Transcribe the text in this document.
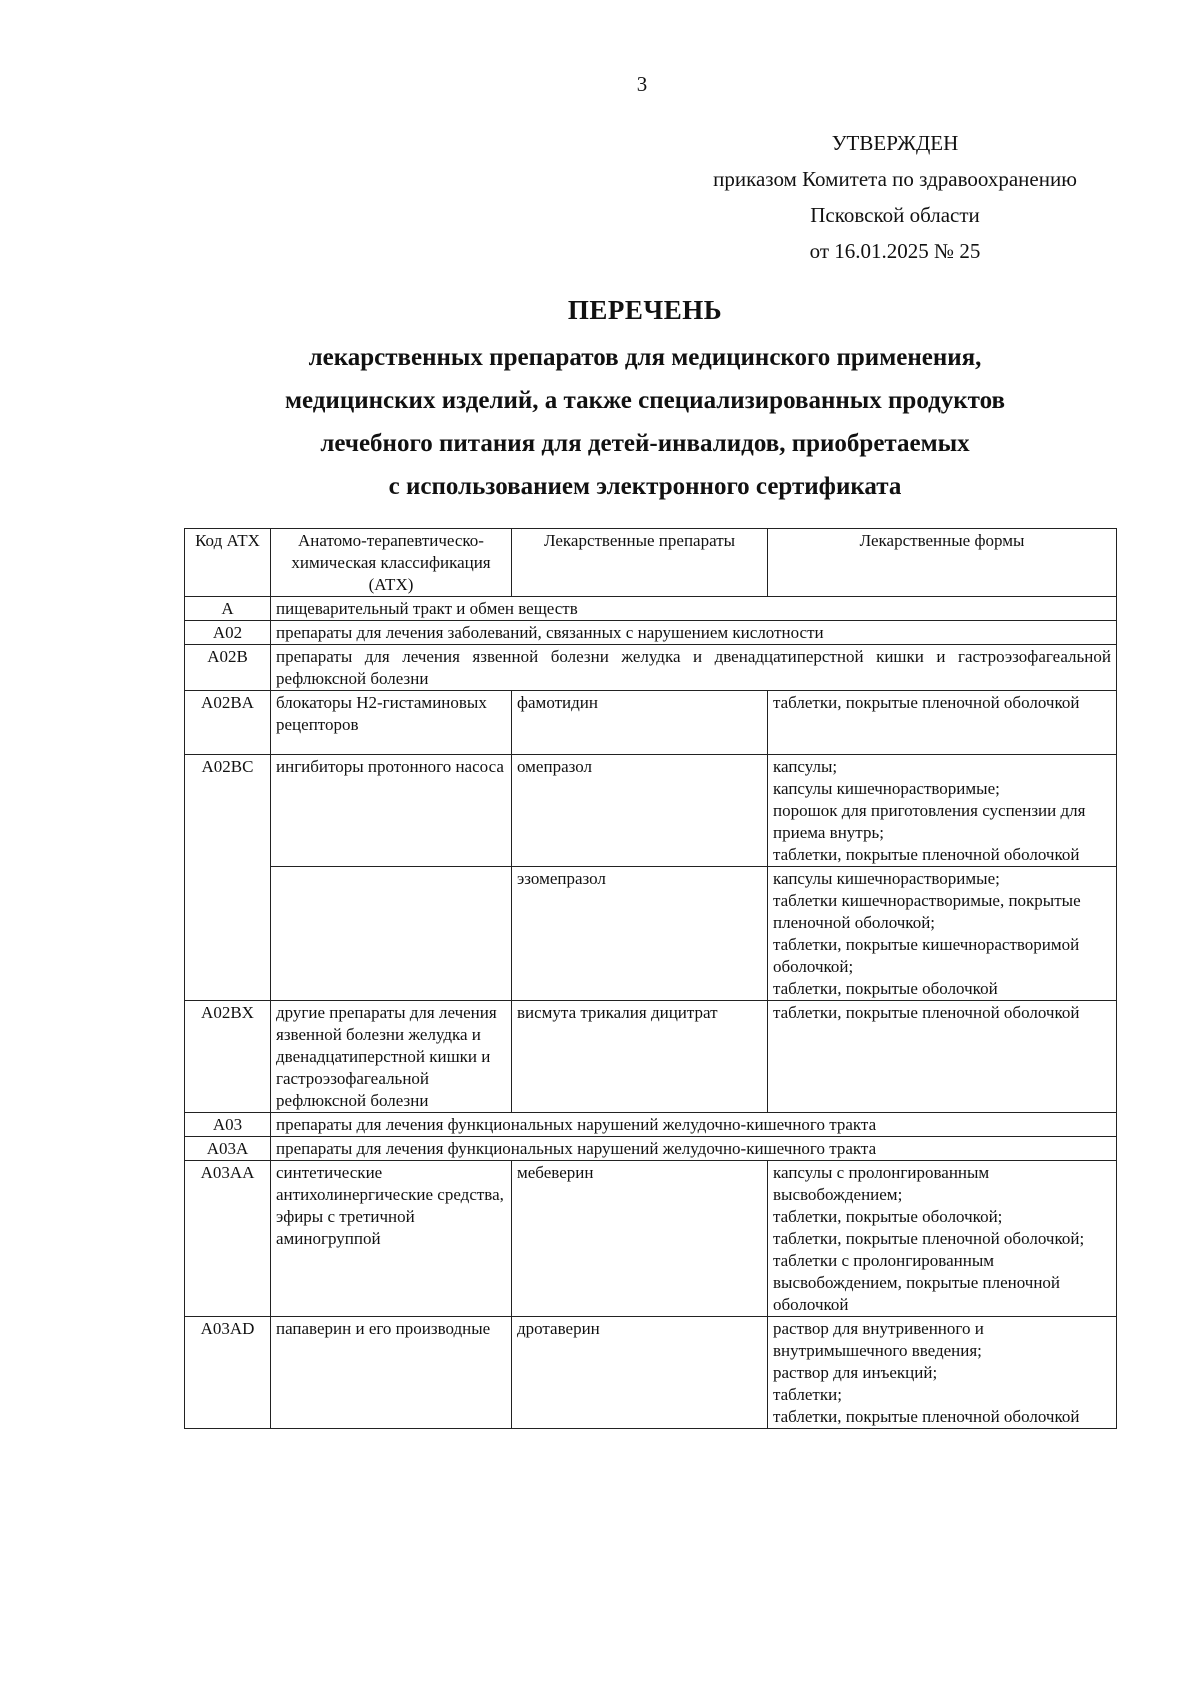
3
УТВЕРЖДЕН
приказом Комитета по здравоохранению
Псковской области
от 16.01.2025 № 25
ПЕРЕЧЕНЬ
лекарственных препаратов для медицинского применения,
медицинских изделий, а также специализированных продуктов
лечебного питания для детей-инвалидов, приобретаемых
с использованием электронного сертификата
Код АТХ	Анатомо-терапевтическо-химическая классификация (АТХ)	Лекарственные препараты	Лекарственные формы
A	пищеварительный тракт и обмен веществ		
A02	препараты для лечения заболеваний, связанных с нарушением кислотности		
A02B	препараты для лечения язвенной болезни желудка и двенадцатиперстной кишки и гастроэзофагеальной рефлюксной болезни		
A02BA	блокаторы Н2-гистаминовых рецепторов	фамотидин	таблетки, покрытые пленочной оболочкой

A02BC	ингибиторы протонного насоса	омепразол	капсулы;
капсулы кишечнорастворимые;
порошок для приготовления суспензии для приема внутрь;
таблетки, покрытые пленочной оболочкой

		эзомепразол	капсулы кишечнорастворимые;
таблетки кишечнорастворимые, покрытые пленочной оболочкой;
таблетки, покрытые кишечнорастворимой оболочкой;
таблетки, покрытые оболочкой

A02BX	другие препараты для лечения язвенной болезни желудка и двенадцатиперстной кишки и гастроэзофагеальной рефлюксной болезни	висмута трикалия дицитрат	таблетки, покрытые пленочной оболочкой

A03	препараты для лечения функциональных нарушений желудочно-кишечного тракта		
A03A	препараты для лечения функциональных нарушений желудочно-кишечного тракта		
A03AA	синтетические антихолинергические средства, эфиры с третичной аминогруппой	мебеверин	капсулы с пролонгированным высвобождением;
таблетки, покрытые оболочкой;
таблетки, покрытые пленочной оболочкой;
таблетки с пролонгированным высвобождением, покрытые пленочной оболочкой

A03AD	папаверин и его производные	дротаверин	раствор для внутривенного и внутримышечного введения;
раствор для инъекций;
таблетки;
таблетки, покрытые пленочной оболочкой
